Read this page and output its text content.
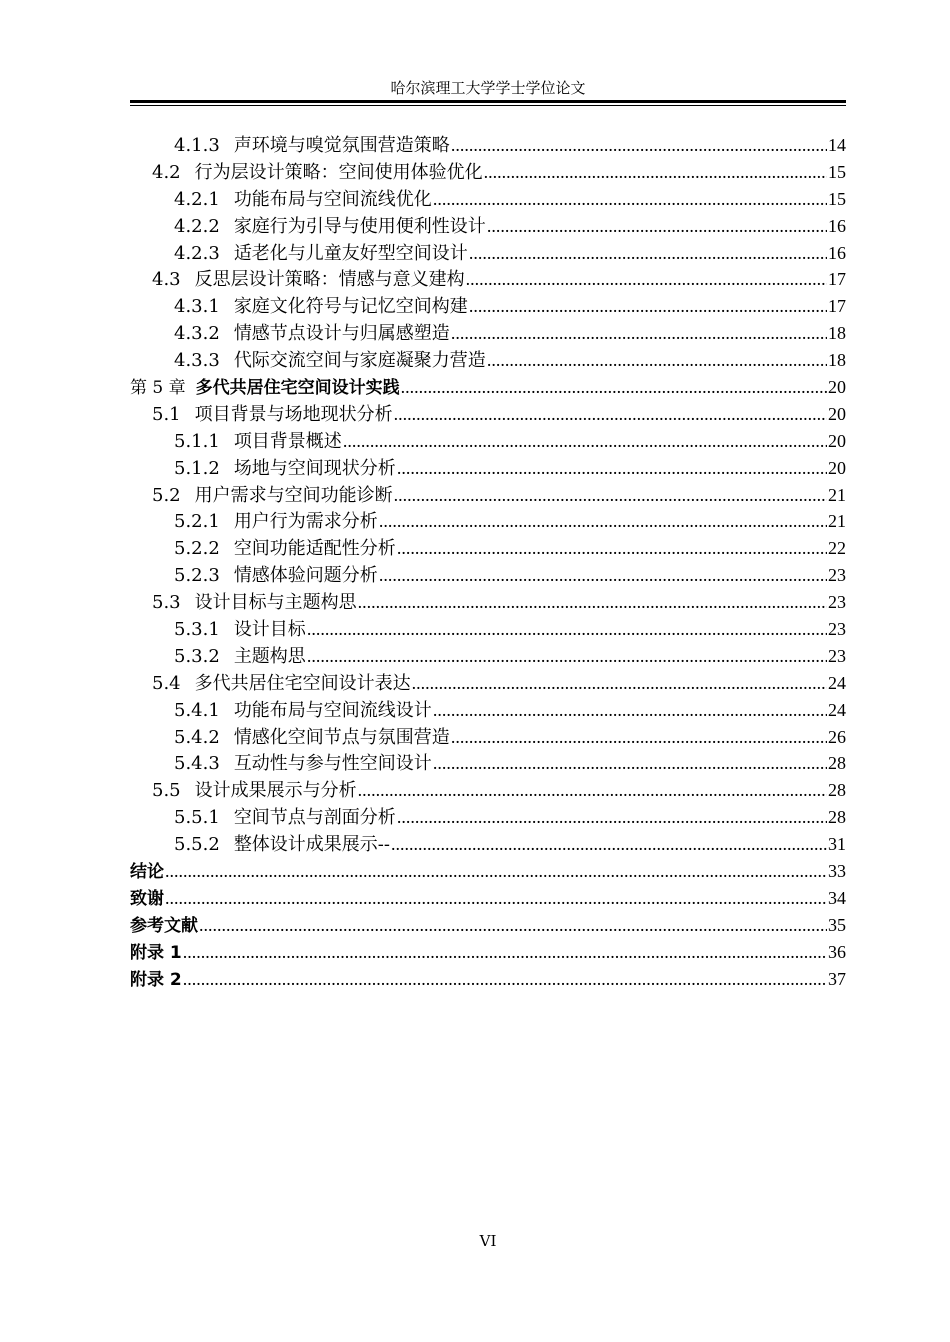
哈尔滨理工大学学士学位论文
4.1.3 声环境与嗅觉氛围营造策略 .....	14
4.2 行为层设计策略：空间使用体验优化 .....	15
4.2.1 功能布局与空间流线优化 .....	15
4.2.2 家庭行为引导与使用便利性设计 .....	16
4.2.3 适老化与儿童友好型空间设计 .....	16
4.3 反思层设计策略：情感与意义建构 .....	17
4.3.1 家庭文化符号与记忆空间构建 .....	17
4.3.2 情感节点设计与归属感塑造 .....	18
4.3.3 代际交流空间与家庭凝聚力营造 .....	18
第 5 章 多代共居住宅空间设计实践 .....	20
5.1 项目背景与场地现状分析 .....	20
5.1.1 项目背景概述 .....	20
5.1.2 场地与空间现状分析 .....	20
5.2 用户需求与空间功能诊断 .....	21
5.2.1 用户行为需求分析 .....	21
5.2.2 空间功能适配性分析 .....	22
5.2.3 情感体验问题分析 .....	23
5.3 设计目标与主题构思 .....	23
5.3.1 设计目标 .....	23
5.3.2 主题构思 .....	23
5.4 多代共居住宅空间设计表达 .....	24
5.4.1 功能布局与空间流线设计 .....	24
5.4.2 情感化空间节点与氛围营造 .....	26
5.4.3 互动性与参与性空间设计 .....	28
5.5 设计成果展示与分析 .....	28
5.5.1 空间节点与剖面分析 .....	28
5.5.2 整体设计成果展示-- .....	31
结论 .....	33
致谢 .....	34
参考文献 .....	35
附录 1 .....	36
附录 2 .....	37
VI
